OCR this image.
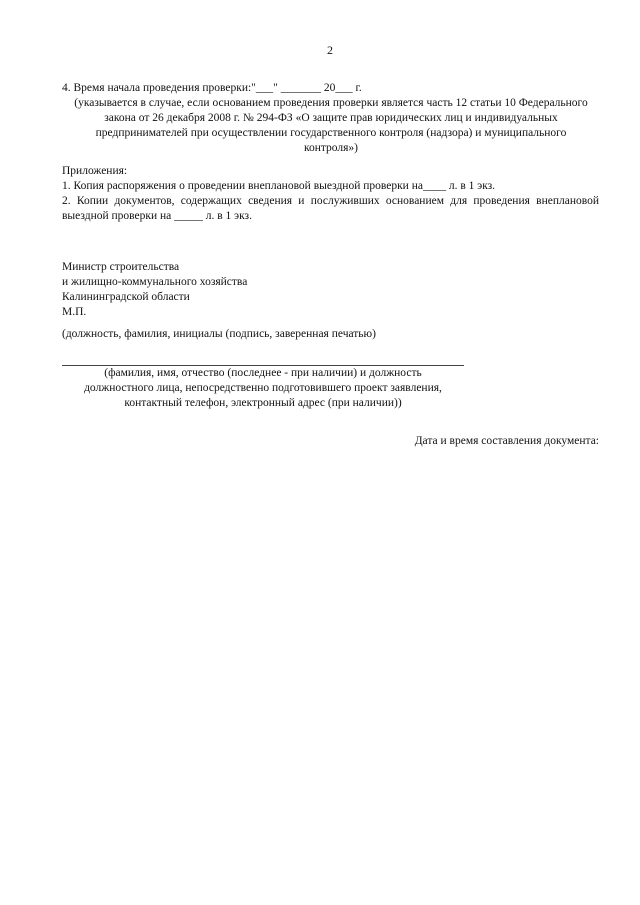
2
4. Время начала проведения проверки:"___" _______ 20___ г.
(указывается в случае, если основанием проведения проверки является часть 12 статьи 10 Федерального
закона от 26 декабря 2008 г. № 294-ФЗ «О защите прав юридических лиц и индивидуальных
предпринимателей при осуществлении государственного контроля (надзора) и муниципального
контроля»)
Приложения:
1. Копия распоряжения о проведении внеплановой выездной проверки на____ л. в 1 экз.
2. Копии документов, содержащих сведения и послуживших основанием для проведения внеплановой
выездной проверки на _____ л. в 1 экз.
Министр строительства
и жилищно-коммунального хозяйства
Калининградской области
М.П.
(должность, фамилия, инициалы (подпись, заверенная печатью)
(фамилия, имя, отчество (последнее - при наличии) и должность
должностного лица, непосредственно подготовившего проект заявления,
контактный телефон, электронный адрес (при наличии))
Дата и время составления документа:
